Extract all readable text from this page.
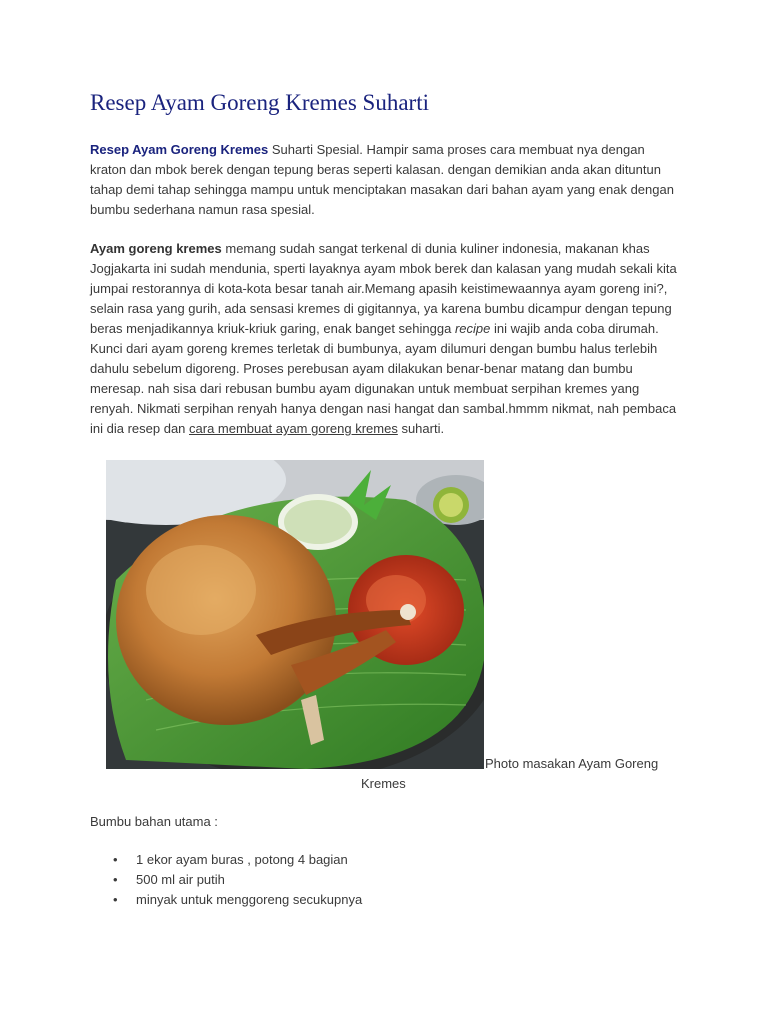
Resep Ayam Goreng Kremes Suharti

Resep Ayam Goreng Kremes Suharti Spesial. Hampir sama proses cara membuat nya dengan kraton dan mbok berek dengan tepung beras seperti kalasan. dengan demikian anda akan dituntun tahap demi tahap sehingga mampu untuk menciptakan masakan dari bahan ayam yang enak dengan bumbu sederhana namun rasa spesial.

Ayam goreng kremes memang sudah sangat terkenal di dunia kuliner indonesia, makanan khas Jogjakarta ini sudah mendunia, sperti layaknya ayam mbok berek dan kalasan yang mudah sekali kita jumpai restorannya di kota-kota besar tanah air.Memang apasih keistimewaannya ayam goreng ini?, selain rasa yang gurih, ada sensasi kremes di gigitannya, ya karena bumbu dicampur dengan tepung beras menjadikannya kriuk-kriuk garing, enak banget sehingga recipe ini wajib anda coba dirumah.

Kunci dari ayam goreng kremes terletak di bumbunya, ayam dilumuri dengan bumbu halus terlebih dahulu sebelum digoreng. Proses perebusan ayam dilakukan benar-benar matang dan bumbu meresap. nah sisa dari rebusan bumbu ayam digunakan untuk membuat serpihan kremes yang renyah. Nikmati serpihan renyah hanya dengan nasi hangat dan sambal.hmmm nikmat, nah pembaca ini dia resep dan cara membuat ayam goreng kremes suharti.

Photo masakan Ayam Goreng
Kremes
Bumbu bahan utama :
• 1 ekor ayam buras , potong 4 bagian
• 500 ml air putih
• minyak untuk menggoreng secukupnya
